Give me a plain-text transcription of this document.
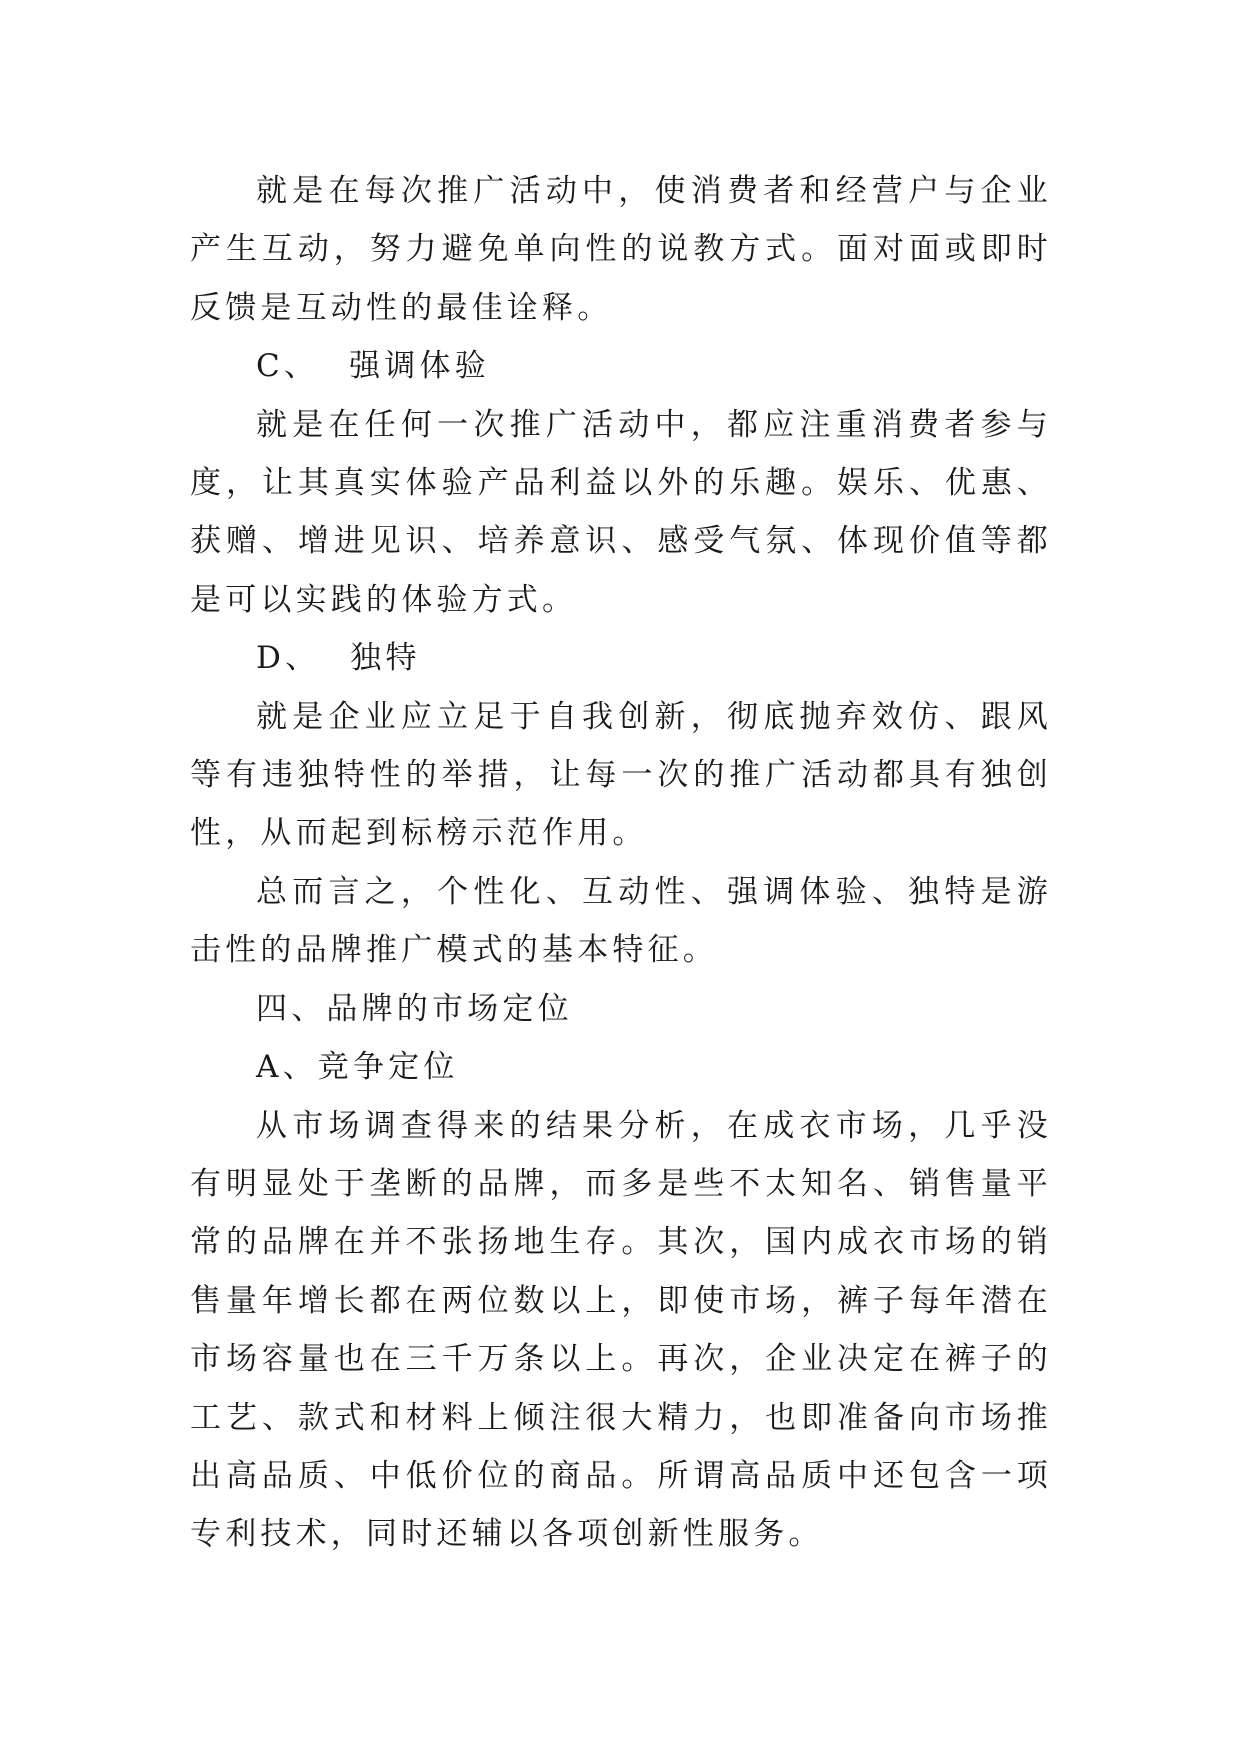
就是在每次推广活动中，使消费者和经营户与企业产生互动，努力避免单向性的说教方式。面对面或即时反馈是互动性的最佳诠释。

C、 强调体验

就是在任何一次推广活动中，都应注重消费者参与度，让其真实体验产品利益以外的乐趣。娱乐、优惠、获赠、增进见识、培养意识、感受气氛、体现价值等都是可以实践的体验方式。

D、 独特

就是企业应立足于自我创新，彻底抛弃效仿、跟风等有违独特性的举措，让每一次的推广活动都具有独创性，从而起到标榜示范作用。

总而言之，个性化、互动性、强调体验、独特是游击性的品牌推广模式的基本特征。

四、品牌的市场定位

A、竞争定位

从市场调查得来的结果分析，在成衣市场，几乎没有明显处于垄断的品牌，而多是些不太知名、销售量平常的品牌在并不张扬地生存。其次，国内成衣市场的销售量年增长都在两位数以上，即使市场，裤子每年潜在市场容量也在三千万条以上。再次，企业决定在裤子的工艺、款式和材料上倾注很大精力，也即准备向市场推出高品质、中低价位的商品。所谓高品质中还包含一项专利技术，同时还辅以各项创新性服务。
